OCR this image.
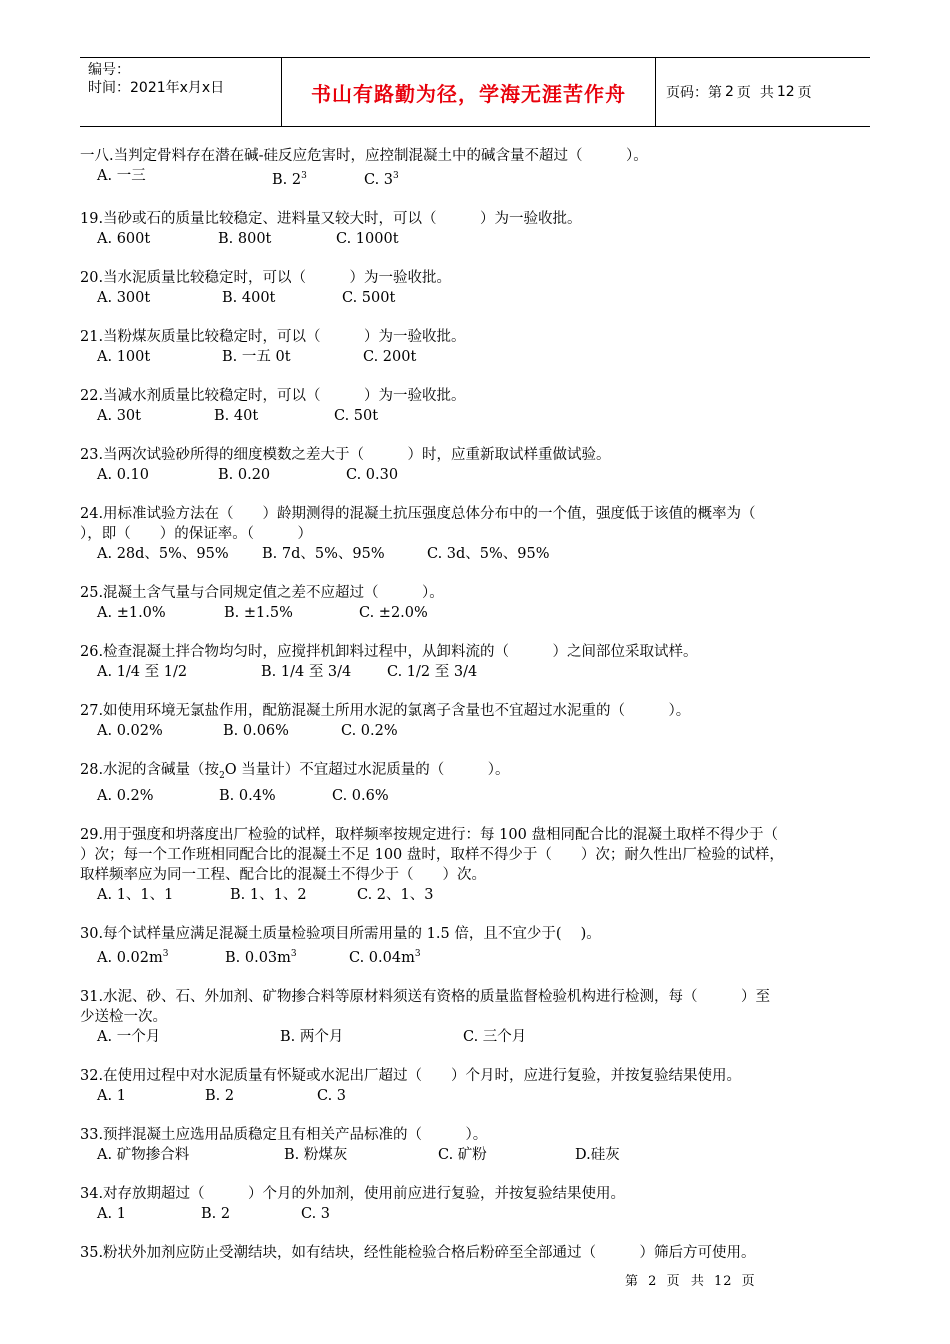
编号：
时间：2021年x月x日	书山有路勤为径，学海无涯苦作舟	页码：第 2 页  共 12 页
一八.当判定骨料存在潜在碱-硅反应危害时，应控制混凝土中的碱含量不超过（　　　）。
A. 一三	B. $2^3$	C. $3^3$
19.当砂或石的质量比较稳定、进料量又较大时，可以（　　　）为一验收批。
A. 600t	B. 800t	C. 1000t
20.当水泥质量比较稳定时，可以（　　　）为一验收批。
A. 300t	B. 400t	C. 500t
21.当粉煤灰质量比较稳定时，可以（　　　）为一验收批。
A. 100t	B. 一五 0t	C. 200t
22.当减水剂质量比较稳定时，可以（　　　）为一验收批。
A. 30t	B. 40t	C. 50t
23.当两次试验砂所得的细度模数之差大于（　　　）时，应重新取试样重做试验。
A. 0.10	B. 0.20	C. 0.30
24.用标准试验方法在（　　）龄期测得的混凝土抗压强度总体分布中的一个值，强度低于该值的概率为（
），即（　　）的保证率。（　　　）
A. 28d、5%、95%	B. 7d、5%、95%	C. 3d、5%、95%
25.混凝土含气量与合同规定值之差不应超过（　　　）。
A. ±1.0%	B. ±1.5%	C. ±2.0%
26.检查混凝土拌合物均匀时，应搅拌机卸料过程中，从卸料流的（　　　）之间部位采取试样。
A. 1/4 至 1/2	B. 1/4 至 3/4	C. 1/2 至 3/4
27.如使用环境无氯盐作用，配筋混凝土所用水泥的氯离子含量也不宜超过水泥重的（　　　）。
A. 0.02%	B. 0.06%	C. 0.2%
28.水泥的含碱量（按$_2$O 当量计）不宜超过水泥质量的（　　　）。
A. 0.2%	B. 0.4%	C. 0.6%
29.用于强度和坍落度出厂检验的试样，取样频率按规定进行：每 100 盘相同配合比的混凝土取样不得少于（
）次；每一个工作班相同配合比的混凝土不足 100 盘时，取样不得少于（　　）次；耐久性出厂检验的试样，
取样频率应为同一工程、配合比的混凝土不得少于（　　）次。
A. 1、1、1	B. 1、1、2	C. 2、1、3
30.每个试样量应满足混凝土质量检验项目所需用量的 1.5 倍，且不宜少于(　 )。
A. $0.02m^3$	B. $0.03m^3$	C. $0.04m^3$
31.水泥、砂、石、外加剂、矿物掺合料等原材料须送有资格的质量监督检验机构进行检测，每（　　　）至
少送检一次。
A. 一个月	B. 两个月	C. 三个月
32.在使用过程中对水泥质量有怀疑或水泥出厂超过（　　）个月时，应进行复验，并按复验结果使用。
A. 1	B. 2	C. 3
33.预拌混凝土应选用品质稳定且有相关产品标准的（　　　）。
A. 矿物掺合料	B. 粉煤灰	C. 矿粉	D.硅灰
34.对存放期超过（　　　）个月的外加剂，使用前应进行复验，并按复验结果使用。
A. 1	B. 2	C. 3
35.粉状外加剂应防止受潮结块，如有结块，经性能检验合格后粉碎至全部通过（　　　）筛后方可使用。
第 2 页  共 12 页
